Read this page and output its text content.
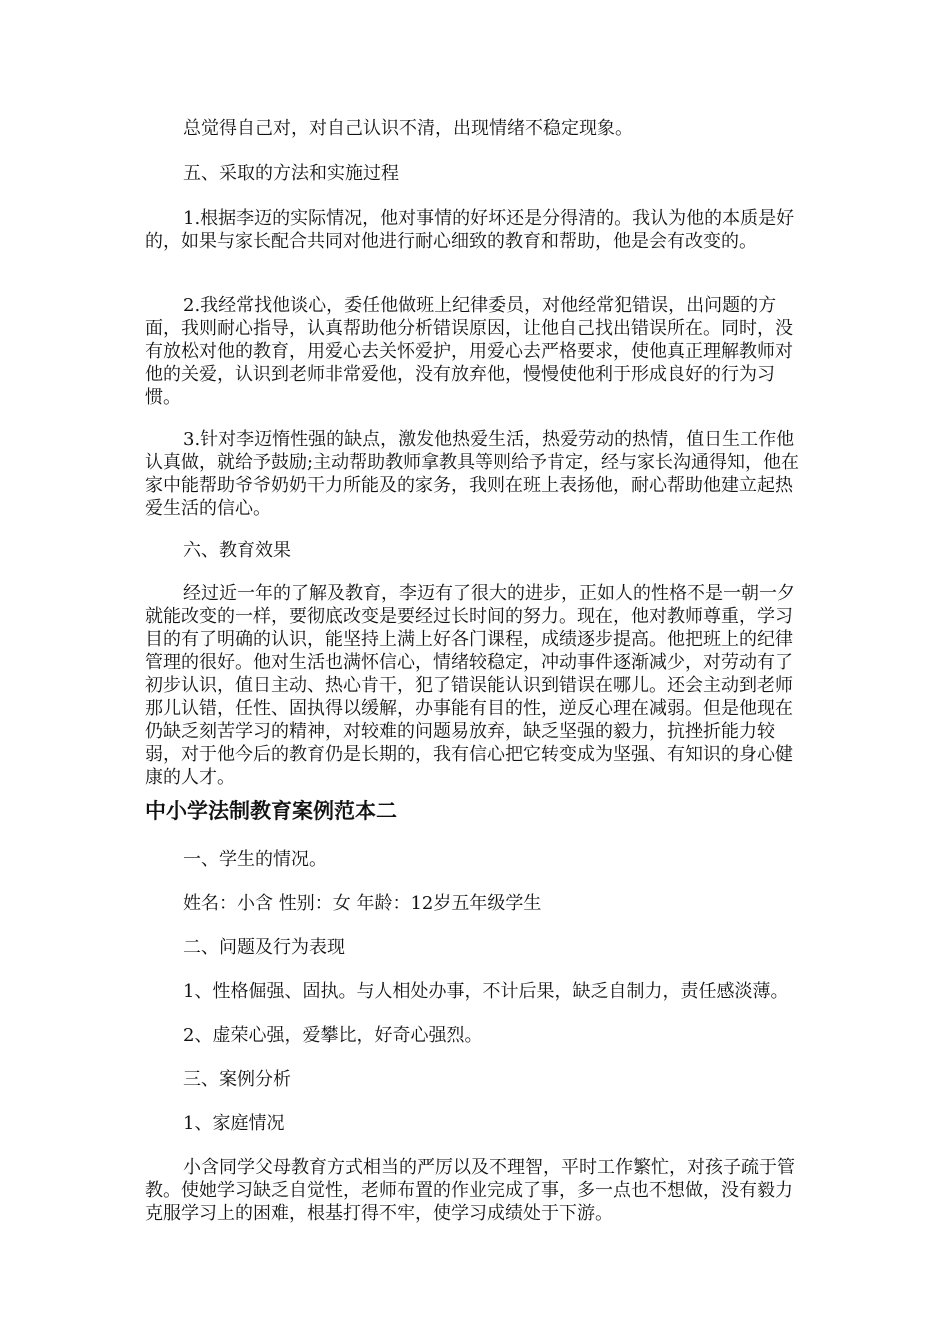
总觉得自己对，对自己认识不清，出现情绪不稳定现象。

五、采取的方法和实施过程

1.根据李迈的实际情况，他对事情的好坏还是分得清的。我认为他的本质是好的，如果与家长配合共同对他进行耐心细致的教育和帮助，他是会有改变的。

2.我经常找他谈心，委任他做班上纪律委员，对他经常犯错误，出问题的方面，我则耐心指导，认真帮助他分析错误原因，让他自己找出错误所在。同时，没有放松对他的教育，用爱心去关怀爱护，用爱心去严格要求，使他真正理解教师对他的关爱，认识到老师非常爱他，没有放弃他，慢慢使他利于形成良好的行为习惯。

3.针对李迈惰性强的缺点，激发他热爱生活，热爱劳动的热情，值日生工作他认真做，就给予鼓励;主动帮助教师拿教具等则给予肯定，经与家长沟通得知，他在家中能帮助爷爷奶奶干力所能及的家务，我则在班上表扬他，耐心帮助他建立起热爱生活的信心。

六、教育效果

经过近一年的了解及教育，李迈有了很大的进步，正如人的性格不是一朝一夕就能改变的一样，要彻底改变是要经过长时间的努力。现在，他对教师尊重，学习目的有了明确的认识，能坚持上满上好各门课程，成绩逐步提高。他把班上的纪律管理的很好。他对生活也满怀信心，情绪较稳定，冲动事件逐渐减少，对劳动有了初步认识，值日主动、热心肯干，犯了错误能认识到错误在哪儿。还会主动到老师那儿认错，任性、固执得以缓解，办事能有目的性，逆反心理在减弱。但是他现在仍缺乏刻苦学习的精神，对较难的问题易放弃，缺乏坚强的毅力，抗挫折能力较弱，对于他今后的教育仍是长期的，我有信心把它转变成为坚强、有知识的身心健康的人才。

中小学法制教育案例范本二

一、学生的情况。

姓名：小含 性别：女 年龄：12岁五年级学生

二、问题及行为表现

1、性格倔强、固执。与人相处办事，不计后果，缺乏自制力，责任感淡薄。

2、虚荣心强，爱攀比，好奇心强烈。

三、案例分析

1、家庭情况

小含同学父母教育方式相当的严厉以及不理智，平时工作繁忙，对孩子疏于管教。使她学习缺乏自觉性，老师布置的作业完成了事，多一点也不想做，没有毅力克服学习上的困难，根基打得不牢，使学习成绩处于下游。
